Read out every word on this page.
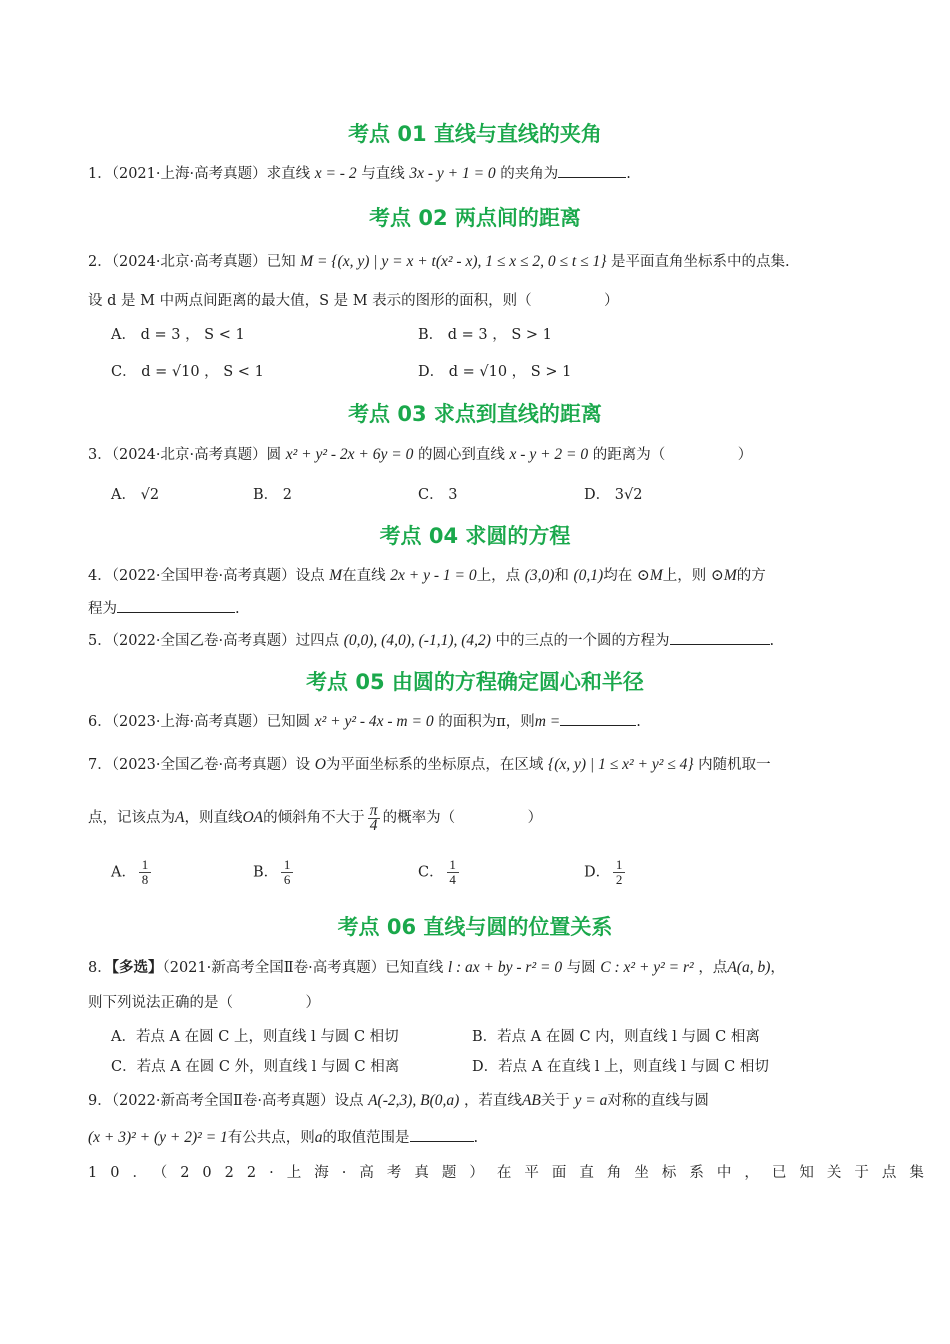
考点 01 直线与直线的夹角
1．（2021·上海·高考真题）求直线 x = - 2 与直线 3x - y + 1 = 0 的夹角为	.
考点 02 两点间的距离
2．（2024·北京·高考真题）已知 M = {(x, y) | y = x + t(x² - x), 1 ≤ x ≤ 2, 0 ≤ t ≤ 1} 是平面直角坐标系中的点集.
设 d 是 M 中两点间距离的最大值，S 是 M 表示的图形的面积，则（　　　　　）
A． d = 3 ， S < 1	B． d = 3 ， S > 1
C． d = √10 ， S < 1	D． d = √10 ， S > 1
考点 03 求点到直线的距离
3．（2024·北京·高考真题）圆 x² + y² - 2x + 6y = 0 的圆心到直线 x - y + 2 = 0 的距离为（　　　　　）
A． √2	B． 2	C． 3	D． 3√2
考点 04 求圆的方程
4．（2022·全国甲卷·高考真题）设点 M在直线 2x + y - 1 = 0上，点 (3,0)和 (0,1)均在 ⊙M上，则 ⊙M的方
程为	.
5．（2022·全国乙卷·高考真题）过四点 (0,0), (4,0), (-1,1), (4,2) 中的三点的一个圆的方程为	.
考点 05 由圆的方程确定圆心和半径
6．（2023·上海·高考真题）已知圆 x² + y² - 4x - m = 0 的面积为π，则m =	.
7．（2023·全国乙卷·高考真题）设 O为平面坐标系的坐标原点，在区域 {(x, y) | 1 ≤ x² + y² ≤ 4} 内随机取一
点，记该点为A，则直线OA的倾斜角不大于 $\frac{\pi}{4}$ 的概率为（　　　　　）
A． $\frac{1}{8}$	B． $\frac{1}{6}$	C． $\frac{1}{4}$	D． $\frac{1}{2}$
考点 06 直线与圆的位置关系
8．【多选】（2021·新高考全国Ⅱ卷·高考真题）已知直线 l : ax + by - r² = 0 与圆 C : x² + y² = r² ，点A(a, b)，
则下列说法正确的是（　　　　　）
A．若点 A 在圆 C 上，则直线 l 与圆 C 相切	B．若点 A 在圆 C 内，则直线 l 与圆 C 相离
C．若点 A 在圆 C 外，则直线 l 与圆 C 相离	D．若点 A 在直线 l 上，则直线 l 与圆 C 相切
9．（2022·新高考全国Ⅱ卷·高考真题）设点 A(-2,3), B(0,a) ，若直线AB关于 y = a对称的直线与圆
(x + 3)² + (y + 2)² = 1有公共点，则a的取值范围是	.
10．（2022·上海·高考真题）在平面直角坐标系中，已知关于点集
